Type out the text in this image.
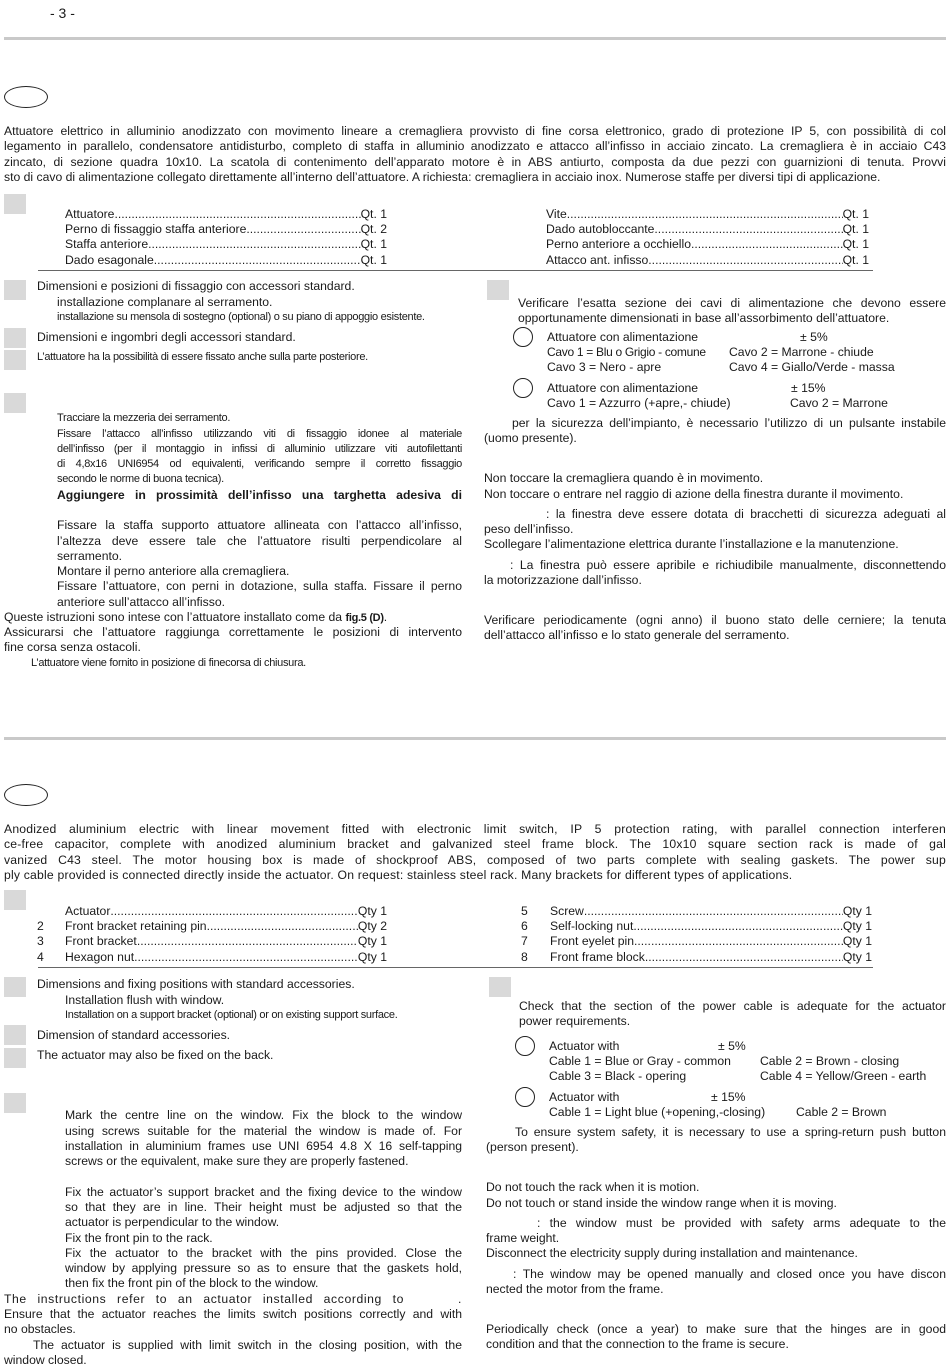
- 3 -
Attuatore elettrico in alluminio anodizzato con movimento lineare a cremagliera provvisto di fine corsa elettronico, grado di protezione IP 5, con possibilità di col
legamento in parallelo, condensatore antidisturbo, completo di staffa in alluminio anodizzato e attacco all’infisso in acciaio zincato. La cremagliera è in acciaio C43
zincato, di sezione quadra 10x10. La scatola di contenimento dell’apparato motore è in ABS antiurto, composta da due pezzi con guarnizioni di tenuta. Provvi
sto di cavo di alimentazione collegato direttamente all’interno dell’attuatore. A richiesta: cremagliera in acciaio inox. Numerose staffe per diversi tipi di applicazione.
Attuatore .....	Qt. 1
Perno di fissaggio staffa anteriore .....	Qt. 2
Staffa anteriore .....	Qt. 1
Dado esagonale .....	Qt. 1
Vite .....	Qt. 1
Dado autobloccante .....	Qt. 1
Perno anteriore a occhiello .....	Qt. 1
Attacco ant. infisso .....	Qt. 1
Dimensioni e posizioni di fissaggio con accessori standard.
installazione complanare al serramento.
installazione su mensola di sostegno (optional) o su piano di appoggio esistente.
Dimensioni e ingombri degli accessori standard.
L’attuatore ha la possibilità di essere fissato anche sulla parte posteriore.
Tracciare la mezzeria dei serramento.
Fissare l’attacco all’infisso utilizzando viti di fissaggio idonee al materiale
dell’infisso (per il montaggio in infissi di alluminio utilizzare viti autofilettanti
di 4,8x16 UNI6954 od equivalenti, verificando sempre il corretto fissaggio
secondo le norme di buona tecnica).
Aggiungere in prossimità dell’infisso una targhetta adesiva di
Fissare la staffa supporto attuatore allineata con l’attacco all’infisso,
l’altezza deve essere tale che l’attuatore risulti perpendicolare al
serramento.
Montare il perno anteriore alla cremagliera.
Fissare l’attuatore, con perni in dotazione, sulla staffa. Fissare il perno
anteriore sull’attacco all’infisso.
Queste istruzioni sono intese con l’attuatore installato come da fig.5 (D).
Assicurarsi che l’attuatore raggiunga correttamente le posizioni di intervento
fine corsa senza ostacoli.
L’attuatore viene fornito in posizione di finecorsa di chiusura.
Verificare l’esatta sezione dei cavi di alimentazione che devono essere
opportunamente dimensionati in base all’assorbimento dell’attuatore.
Attuatore con alimentazione	± 5%
Cavo 1 = Blu o Grigio - comune Cavo 2 = Marrone - chiude
Cavo 3 = Nero - apre	Cavo 4 = Giallo/Verde - massa
Attuatore con alimentazione	± 15%
Cavo 1 = Azzurro (+apre,- chiude)	Cavo 2 = Marrone
per la sicurezza dell’impianto, è necessario l’utilizzo di un pulsante instabile
(uomo presente).
Non toccare la cremagliera quando è in movimento.
Non toccare o entrare nel raggio di azione della finestra durante il movimento.
: la finestra deve essere dotata di bracchetti di sicurezza adeguati al
peso dell’infisso.
Scollegare l’alimentazione elettrica durante l’installazione e la manutenzione.
: La finestra può essere apribile e richiudibile manualmente, disconnettendo
la motorizzazione dall’infisso.
Verificare periodicamente (ogni anno) il buono stato delle cerniere; la tenuta
dell’attacco all’infisso e lo stato generale del serramento.
Anodized aluminium electric with linear movement fitted with electronic limit switch, IP 5 protection rating, with parallel connection interferen
ce-free capacitor, complete with anodized aluminium bracket and galvanized steel frame block. The 10x10 square section rack is made of gal
vanized C43 steel. The motor housing box is made of shockproof ABS, composed of two parts complete with sealing gaskets. The power sup
ply cable provided is connected directly inside the actuator. On request: stainless steel rack. Many brackets for different types of applications.
Actuator .....	Qty 1
2 Front bracket retaining pin .....	Qty 2
3 Front bracket .....	Qty 1
4 Hexagon nut .....	Qty 1
5 Screw .....	Qty 1
6 Self-locking nut .....	Qty 1
7 Front eyelet pin .....	Qty 1
8 Front frame block .....	Qty 1
Dimensions and fixing positions with standard accessories.
Installation flush with window.
Installation on a support bracket (optional) or on existing support surface.
Dimension of standard accessories.
The actuator may also be fixed on the back.
Mark the centre line on the window. Fix the block to the window
using screws suitable for the material the window is made of. For
installation in aluminium frames use UNI 6954 4.8 X 16 self-tapping
screws or the equivalent, make sure they are properly fastened.
Fix the actuator’s support bracket and the fixing device to the window
so that they are in line. Their height must be adjusted so that the
actuator is perpendicular to the window.
Fix the front pin to the rack.
Fix the actuator to the bracket with the pins provided. Close the
window by applying pressure so as to ensure that the gaskets hold,
then fix the front pin of the block to the window.
The instructions refer to an actuator installed according to	.
Ensure that the actuator reaches the limits switch positions correctly and with
no obstacles.
The actuator is supplied with limit switch in the closing position, with the
window closed.
Check that the section of the power cable is adequate for the actuator
power requirements.
Actuator with	± 5%
Cable 1 = Blue or Gray - common Cable 2 = Brown - closing
Cable 3 = Black - opering	Cable 4 = Yellow/Green - earth
Actuator with	± 15%
Cable 1 = Light blue (+opening,-closing)	Cable 2 = Brown
To ensure system safety, it is necessary to use a spring-return push button
(person present).
Do not touch the rack when it is motion.
Do not touch or stand inside the window range when it is moving.
: the window must be provided with safety arms adequate to the
frame weight.
Disconnect the electricity supply during installation and maintenance.
: The window may be opened manually and closed once you have discon
nected the motor from the frame.
Periodically check (once a year) to make sure that the hinges are in good
condition and that the connection to the frame is secure.
